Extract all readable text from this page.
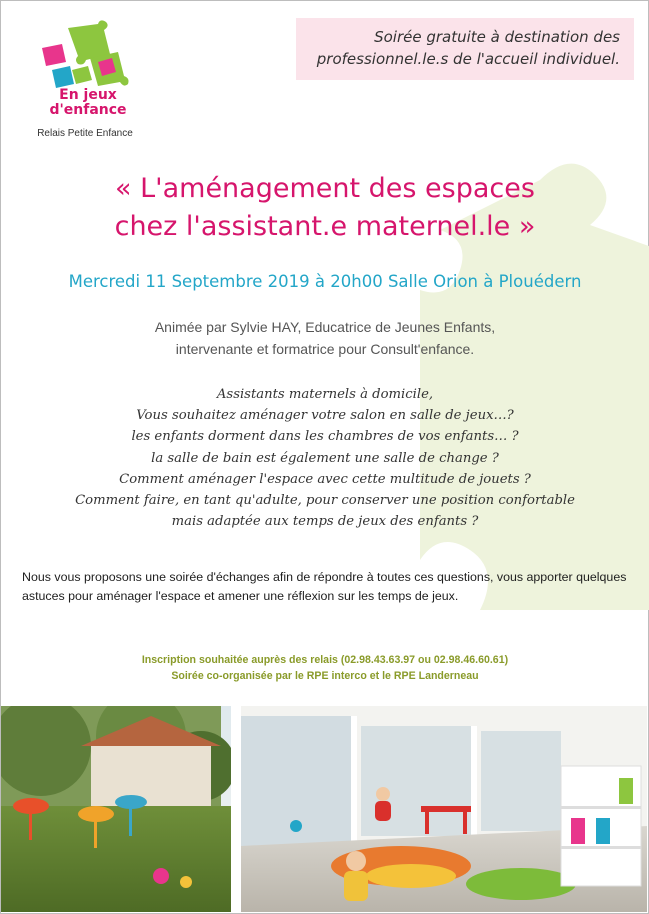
En jeux
d'enfance
Relais Petite Enfance
Soirée gratuite à destination des
professionnel.le.s de l'accueil individuel.
« L'aménagement des espaces
chez l'assistant.e maternel.le »
Mercredi 11 Septembre 2019 à 20h00 Salle Orion à Plouédern
Animée par Sylvie HAY, Educatrice de Jeunes Enfants,
intervenante et formatrice pour Consult'enfance.
Assistants maternels à domicile,
Vous souhaitez aménager votre salon en salle de jeux…?
les enfants dorment dans les chambres de vos enfants… ?
la salle de bain est également une salle de change ?
Comment aménager l'espace avec cette multitude de jouets ?
Comment faire, en tant qu'adulte, pour conserver une position confortable
mais adaptée aux temps de jeux des enfants ?
Nous vous proposons une soirée d'échanges afin de répondre à toutes ces questions, vous apporter quelques astuces pour aménager l'espace et amener une réflexion sur les temps de jeux.
Inscription souhaitée auprès des relais (02.98.43.63.97 ou 02.98.46.60.61)
Soirée co-organisée par le RPE interco et le RPE Landerneau
